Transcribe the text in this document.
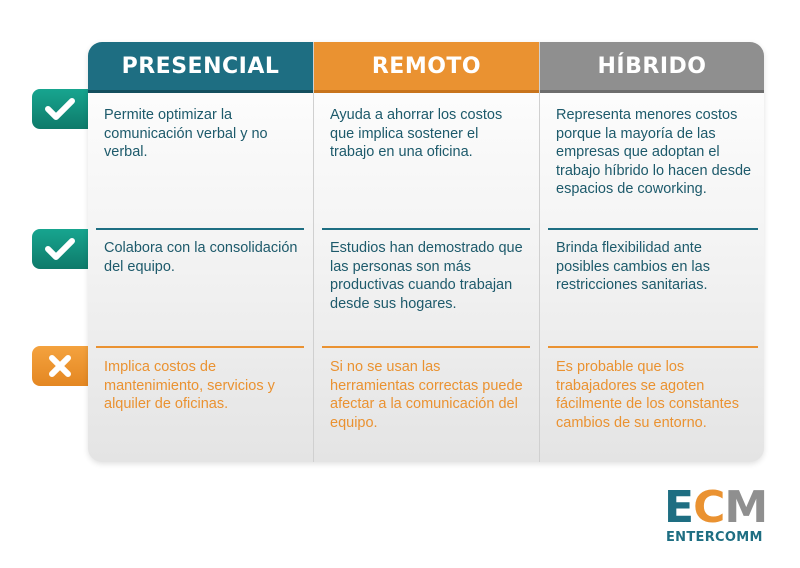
PRESENCIAL
Permite optimizar la comunicación verbal y no verbal.
Colabora con la consolidación del equipo.
Implica costos de mantenimiento, servicios y alquiler de oficinas.
REMOTO
Ayuda a ahorrar los costos que implica sostener el trabajo en una oficina.
Estudios han demostrado que las personas son más productivas cuando trabajan desde sus hogares.
Si no se usan las herramientas correctas puede afectar a la comunicación del equipo.
HÍBRIDO
Representa menores costos porque la mayoría de las empresas que adoptan el trabajo híbrido lo hacen desde espacios de coworking.
Brinda flexibilidad ante posibles cambios en las restricciones sanitarias.
Es probable que los trabajadores se agoten fácilmente de los constantes cambios de su entorno.
ECM
ENTERCOMM
